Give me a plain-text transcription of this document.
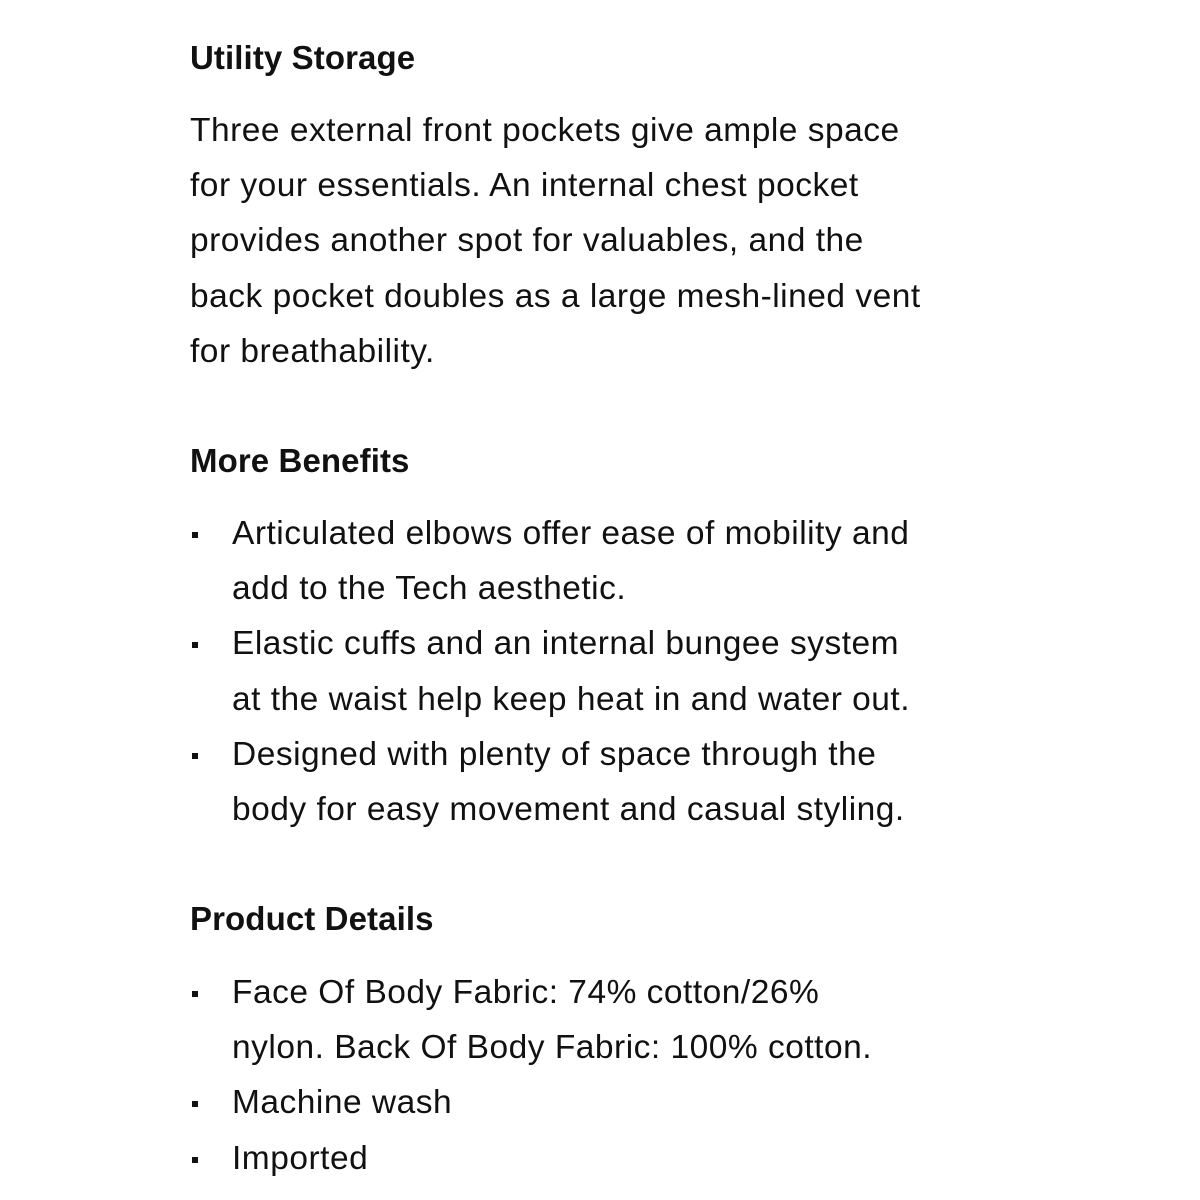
Utility Storage

Three external front pockets give ample space
for your essentials. An internal chest pocket
provides another spot for valuables, and the
back pocket doubles as a large mesh-lined vent
for breathability.

More Benefits
Articulated elbows offer ease of mobility and
add to the Tech aesthetic.
Elastic cuffs and an internal bungee system
at the waist help keep heat in and water out.
Designed with plenty of space through the
body for easy movement and casual styling.
Product Details
Face Of Body Fabric: 74% cotton/26%
nylon. Back Of Body Fabric: 100% cotton.
Machine wash
Imported
